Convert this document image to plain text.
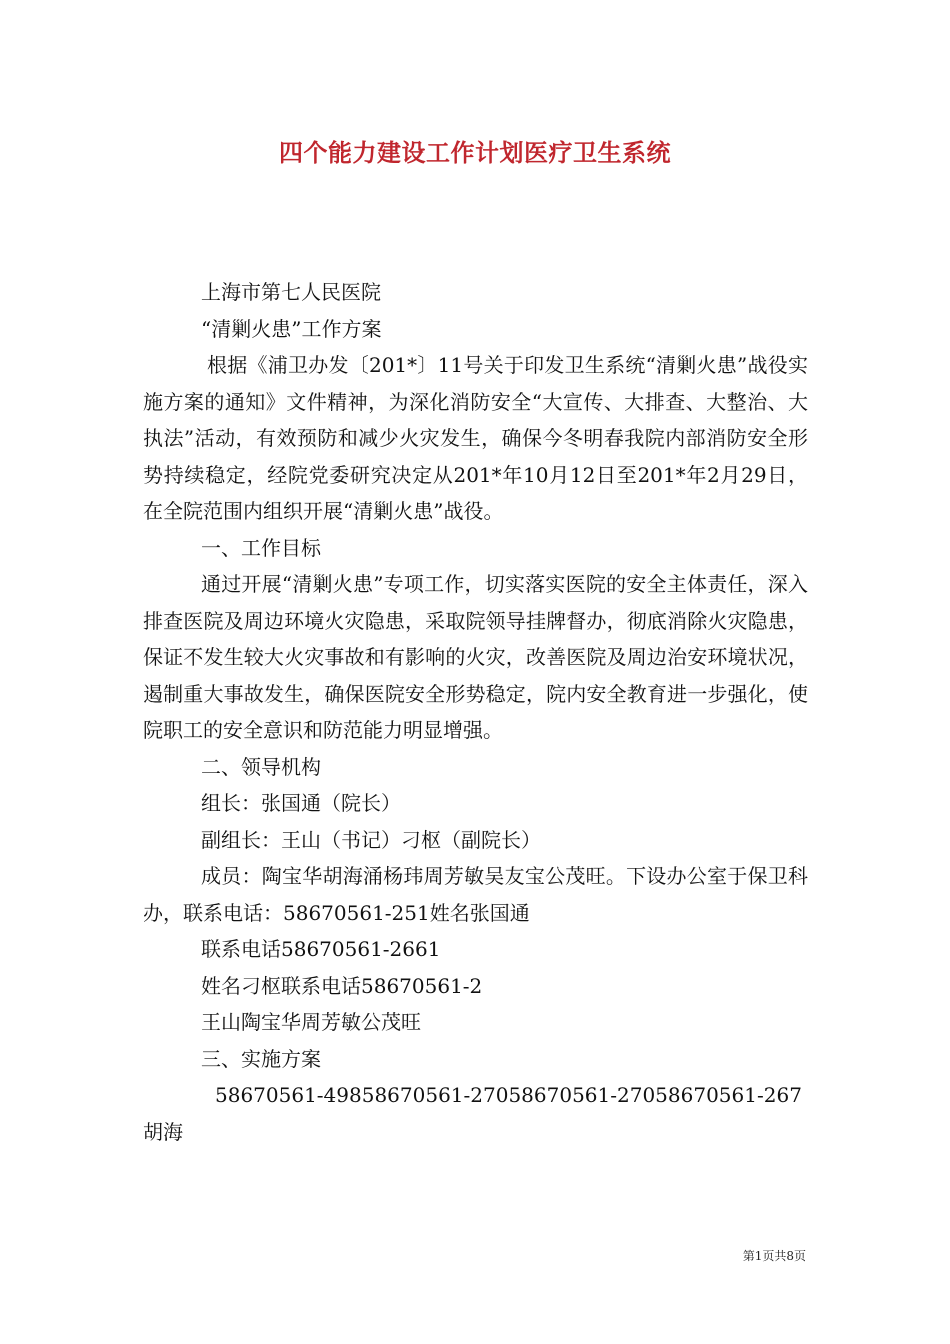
四个能力建设工作计划医疗卫生系统

上海市第七人民医院

“清剿火患”工作方案

根据《浦卫办发〔201*〕11号关于印发卫生系统“清剿火患”战役实施方案的通知》文件精神，为深化消防安全“大宣传、大排查、大整治、大执法”活动，有效预防和减少火灾发生，确保今冬明春我院内部消防安全形势持续稳定，经院党委研究决定从201*年10月12日至201*年2月29日，在全院范围内组织开展“清剿火患”战役。

一、工作目标

通过开展“清剿火患”专项工作，切实落实医院的安全主体责任，深入排查医院及周边环境火灾隐患，采取院领导挂牌督办，彻底消除火灾隐患，保证不发生较大火灾事故和有影响的火灾，改善医院及周边治安环境状况，遏制重大事故发生，确保医院安全形势稳定，院内安全教育进一步强化，使院职工的安全意识和防范能力明显增强。

二、领导机构

组长：张国通（院长）

副组长：王山（书记）刁枢（副院长）

成员：陶宝华胡海涌杨玮周芳敏吴友宝公茂旺。下设办公室于保卫科办，联系电话：58670561-251姓名张国通

联系电话58670561-2661

姓名刁枢联系电话58670561-2

王山陶宝华周芳敏公茂旺

三、实施方案

58670561-49858670561-27058670561-27058670561-267胡海

第1页共8页
